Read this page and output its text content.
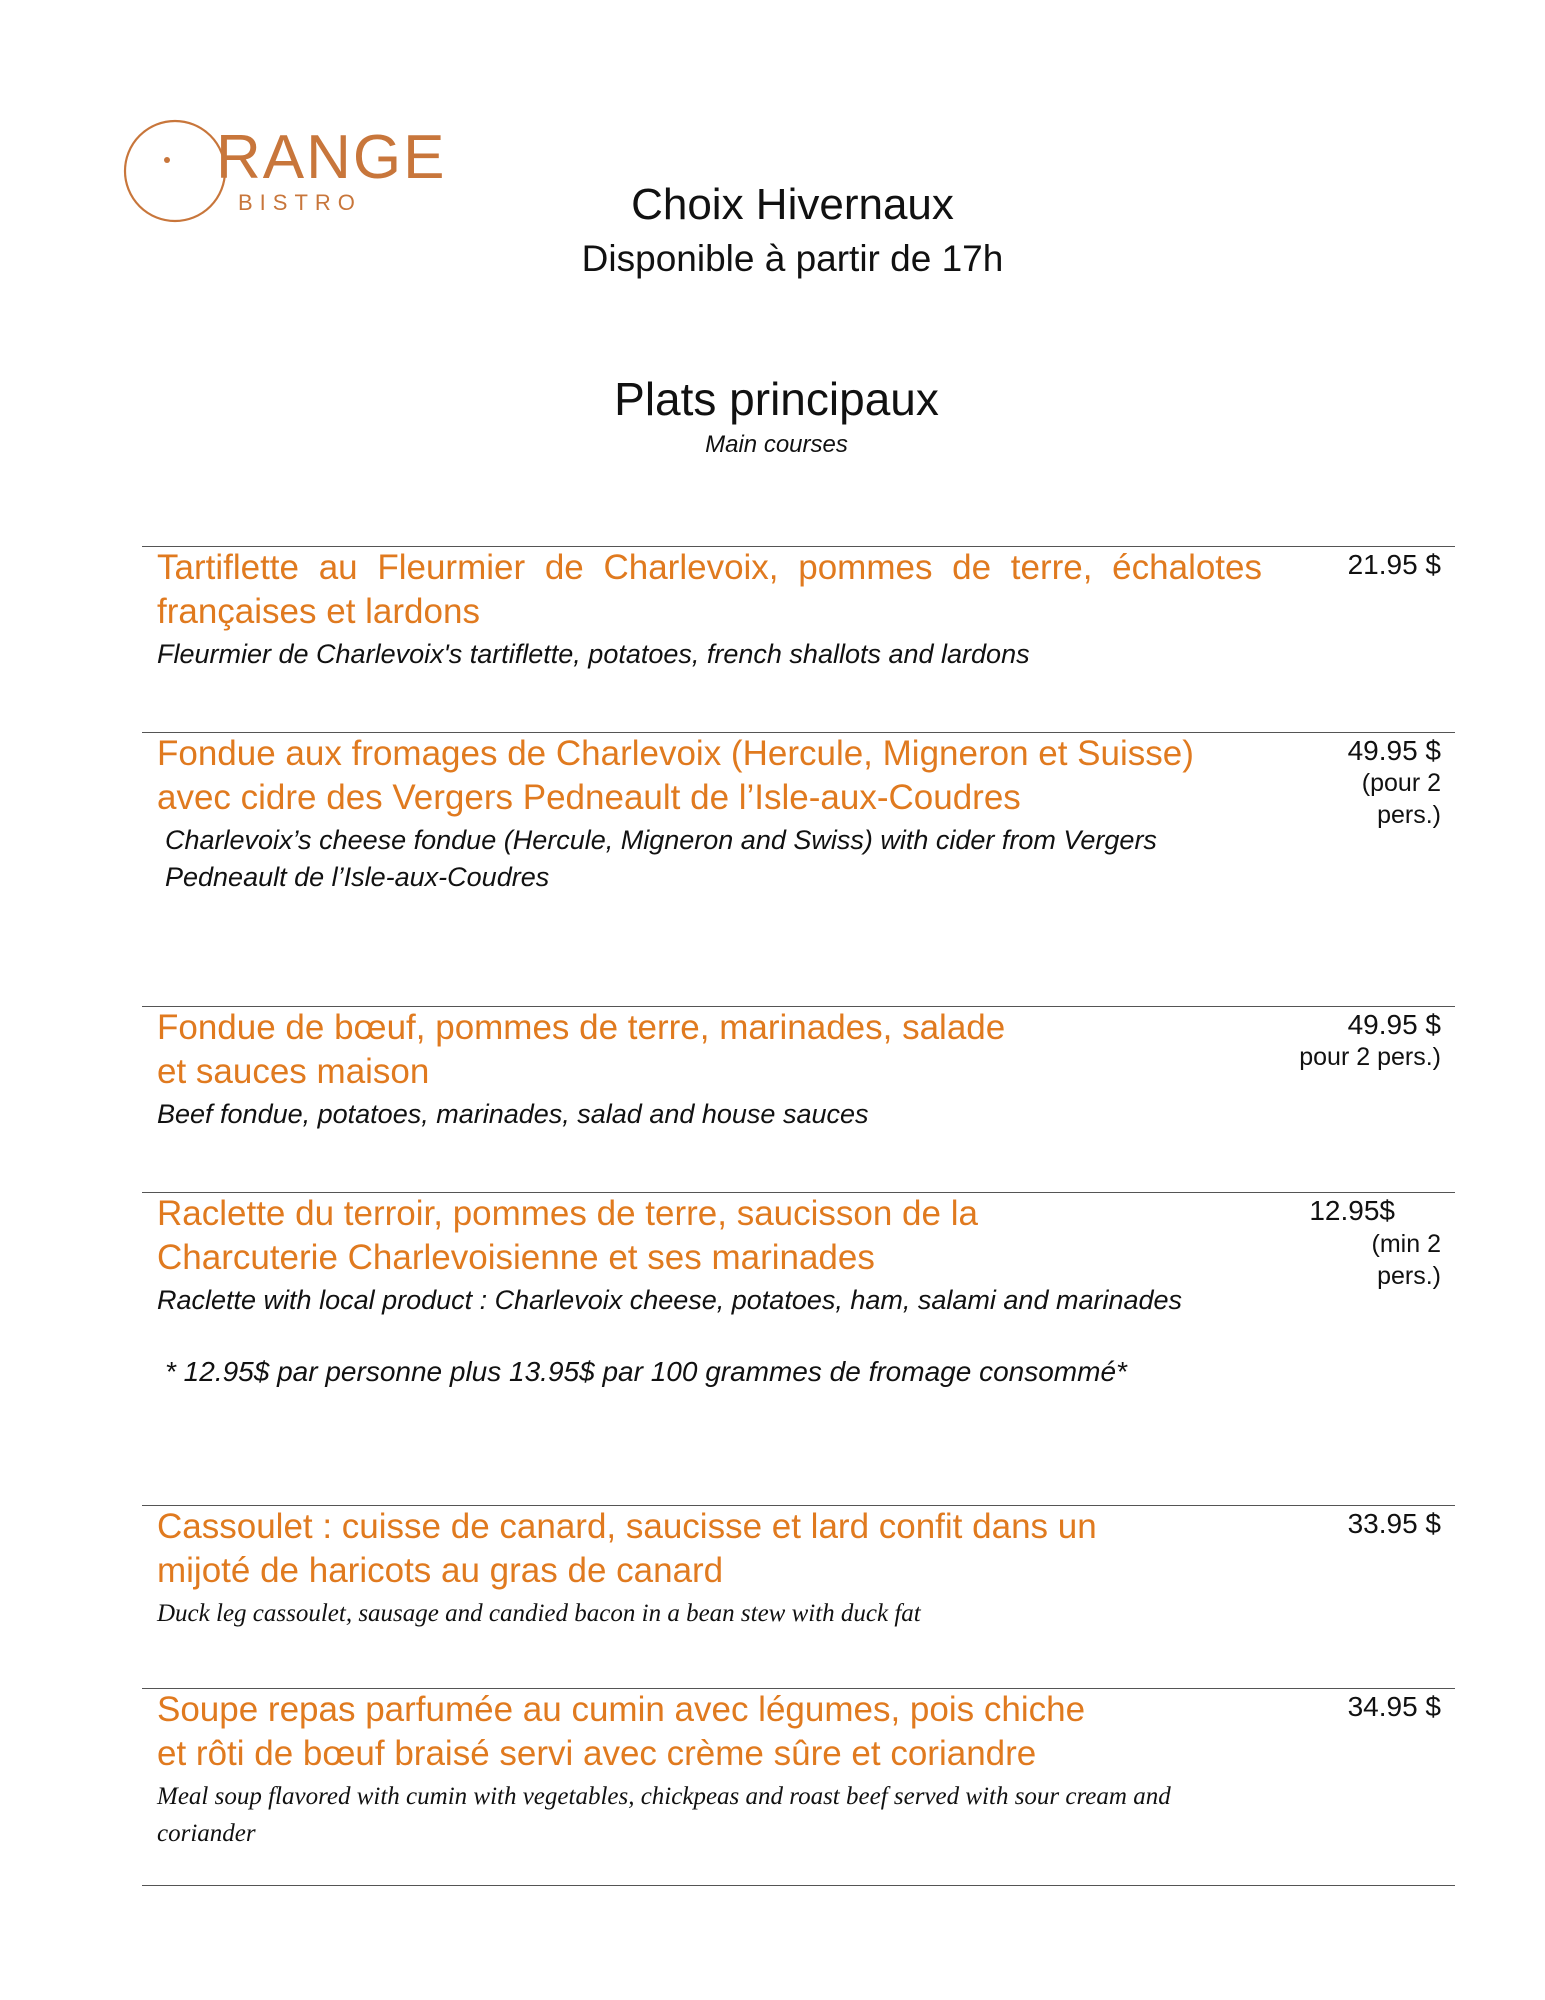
RANGE
BISTRO	Choix Hivernaux
Disponible à partir de 17h
Plats principaux
Main courses
Tartiflette au Fleurmier de Charlevoix, pommes de terre, échalotes françaises et lardons
Fleurmier de Charlevoix's tartiflette, potatoes, french shallots and lardons
21.95 $
Fondue aux fromages de Charlevoix (Hercule, Migneron et Suisse)
avec cidre des Vergers Pedneault de l’Isle-aux-Coudres
Charlevoix’s cheese fondue (Hercule, Migneron and Swiss) with cider from Vergers Pedneault de l’Isle-aux-Coudres
49.95 $
(pour 2 pers.)
Fondue de bœuf, pommes de terre, marinades, salade
et sauces maison
Beef fondue, potatoes, marinades, salad and house sauces
49.95 $
pour 2 pers.)
Raclette du terroir, pommes de terre, saucisson de la
Charcuterie Charlevoisienne et ses marinades
Raclette with local product : Charlevoix cheese, potatoes, ham, salami and marinades
* 12.95$ par personne plus 13.95$ par 100 grammes de fromage consommé*
12.95$
(min 2 pers.)
Cassoulet : cuisse de canard, saucisse et lard confit dans un
mijoté de haricots au gras de canard
Duck leg cassoulet, sausage and candied bacon in a bean stew with duck fat
33.95 $
Soupe repas parfumée au cumin avec légumes, pois chiche
et rôti de bœuf braisé servi avec crème sûre et coriandre
Meal soup flavored with cumin with vegetables, chickpeas and roast beef served with sour cream and coriander
34.95 $
